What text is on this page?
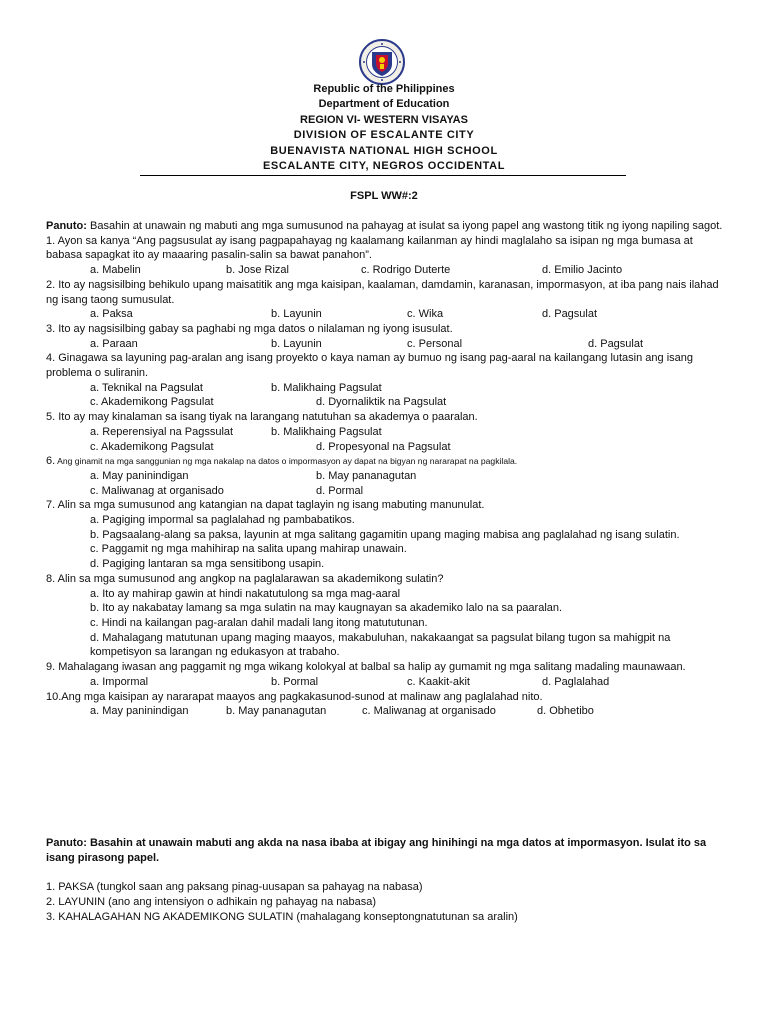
Republic of the Philippines
Department of Education
REGION VI- WESTERN VISAYAS
DIVISION OF ESCALANTE CITY
BUENAVISTA NATIONAL HIGH SCHOOL
ESCALANTE CITY, NEGROS OCCIDENTAL
FSPL WW#:2

Panuto: Basahin at unawain ng mabuti ang mga sumusunod na pahayag at isulat sa iyong papel ang wastong titik ng iyong napiling sagot.

1. Ayon sa kanya “Ang pagsusulat ay isang pagpapahayag ng kaalamang kailanman ay hindi maglalaho sa isipan ng mga bumasa at babasa sapagkat ito ay maaaring pasalin-salin sa bawat panahon”.

a. Mabelin	b. Jose Rizal	c. Rodrigo Duterte	d. Emilio Jacinto

2. Ito ay nagsisilbing behikulo upang maisatitik ang mga kaisipan, kaalaman, damdamin, karanasan, impormasyon, at iba pang nais ilahad ng isang taong sumusulat.

a. Paksa	b. Layunin	c. Wika	d. Pagsulat

3. Ito ay nagsisilbing gabay sa paghabi ng mga datos o nilalaman ng iyong isusulat.

a. Paraan	b. Layunin	c. Personal	d. Pagsulat

4. Ginagawa sa layuning pag-aralan ang isang proyekto o kaya naman ay bumuo ng isang pag-aaral na kailangang lutasin ang isang problema o suliranin.

a. Teknikal na Pagsulat	b. Malikhaing Pagsulat
c. Akademikong Pagsulat	d. Dyornaliktik na Pagsulat

5. Ito ay may kinalaman sa isang tiyak na larangang natutuhan sa akademya o paaralan.

a. Reperensiyal na Pagssulat	b. Malikhaing Pagsulat
c. Akademikong Pagsulat	d. Propesyonal na Pagsulat

6. Ang ginamit na mga sanggunian ng mga nakalap na datos o impormasyon ay dapat na bigyan ng nararapat na pagkilala.

a. May paninindigan	b. May pananagutan
c. Maliwanag at organisado	d. Pormal

7. Alin sa mga sumusunod ang katangian na dapat taglayin ng isang mabuting manunulat.

a. Pagiging impormal sa paglalahad ng pambabatikos.

b. Pagsaalang-alang sa paksa, layunin at mga salitang gagamitin upang maging mabisa ang paglalahad ng isang sulatin.

c. Paggamit ng mga mahihirap na salita upang mahirap unawain.

d. Pagiging lantaran sa mga sensitibong usapin.

8. Alin sa mga sumusunod ang angkop na paglalarawan sa akademikong sulatin?

a. Ito ay mahirap gawin at hindi nakatutulong sa mga mag-aaral

b. Ito ay nakabatay lamang sa mga sulatin na may kaugnayan sa akademiko lalo na sa paaralan.

c. Hindi na kailangan pag-aralan dahil madali lang itong matututunan.

d. Mahalagang matutunan upang maging maayos, makabuluhan, nakakaangat sa pagsulat bilang tugon sa mahigpit na kompetisyon sa larangan ng edukasyon at trabaho.

9. Mahalagang iwasan ang paggamit ng mga wikang kolokyal at balbal sa halip ay gumamit ng mga salitang madaling maunawaan.

a. Impormal	b. Pormal	c. Kaakit-akit	d. Paglalahad

10.Ang mga kaisipan ay nararapat maayos ang pagkakasunod-sunod at malinaw ang paglalahad nito.

a. May paninindigan	b. May pananagutan	c. Maliwanag at organisado	d. Obhetibo

Panuto: Basahin at unawain mabuti ang akda na nasa ibaba at ibigay ang hinihingi na mga datos at impormasyon. Isulat ito sa isang pirasong papel.

1. PAKSA (tungkol saan ang paksang pinag-uusapan sa pahayag na nabasa)

2. LAYUNIN (ano ang intensiyon o adhikain ng pahayag na nabasa)

3. KAHALAGAHAN NG AKADEMIKONG SULATIN (mahalagang konseptongnatutunan sa aralin)
